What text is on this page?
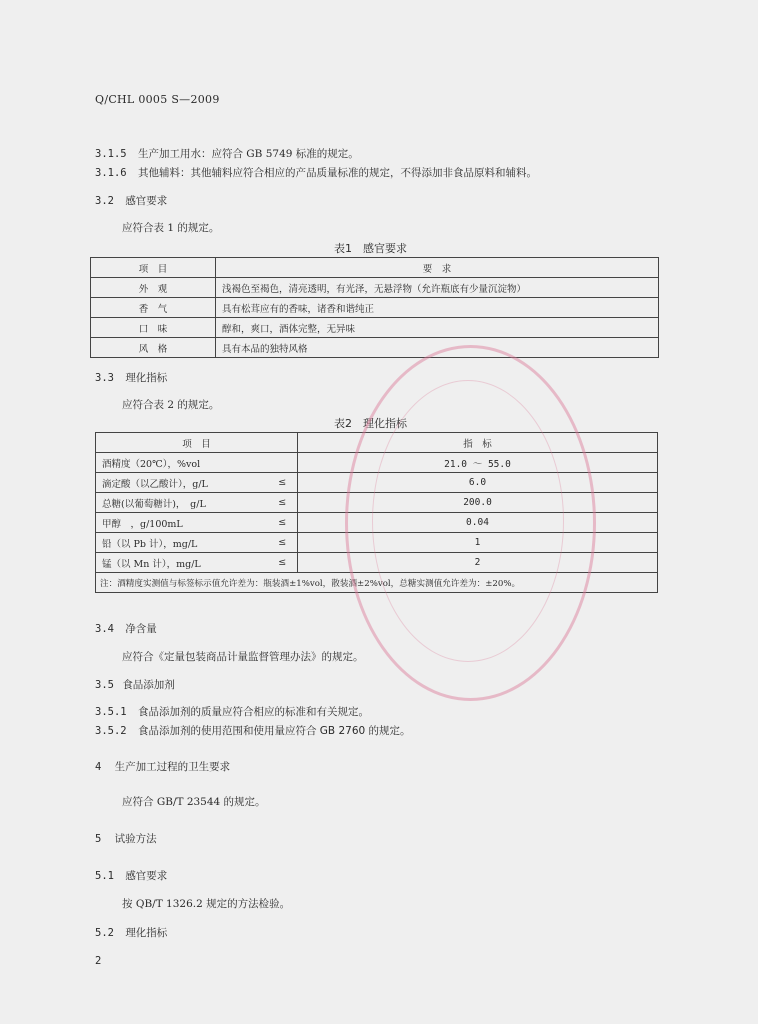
Q/CHL 0005 S—2009
3.1.5 生产加工用水：应符合 GB 5749 标准的规定。
3.1.6 其他辅料：其他辅料应符合相应的产品质量标准的规定，不得添加非食品原料和辅料。
3.2 感官要求
应符合表 1 的规定。
表1　感官要求
项　目	要　求
外　观	浅褐色至褐色，清亮透明，有光泽，无悬浮物（允许瓶底有少量沉淀物）
香　气	具有松茸应有的香味，诸香和谐纯正
口　味	醇和，爽口，酒体完整，无异味
风　格	具有本品的独特风格
3.3 理化指标
应符合表 2 的规定。
表2　理化指标
项　目		指　标
酒精度（20℃），%vol		21.0 ～ 55.0
滴定酸（以乙酸计），g/L	≤	6.0
总糖(以葡萄糖计)，　g/L	≤	200.0
甲醇　，g/100mL	≤	0.04
铅（以 Pb 计），mg/L	≤	1
锰（以 Mn 计），mg/L	≤	2
注：酒精度实测值与标签标示值允许差为：瓶装酒±1%vol，散装酒±2%vol，总糖实测值允许差为：±20%。		
3.4 净含量
应符合《定量包装商品计量监督管理办法》的规定。
3.5 食品添加剂
3.5.1 食品添加剂的质量应符合相应的标准和有关规定。
3.5.2 食品添加剂的使用范围和使用量应符合 GB 2760 的规定。
4 生产加工过程的卫生要求
应符合 GB/T 23544 的规定。
5 试验方法
5.1 感官要求
按 QB/T 1326.2 规定的方法检验。
5.2 理化指标
2
